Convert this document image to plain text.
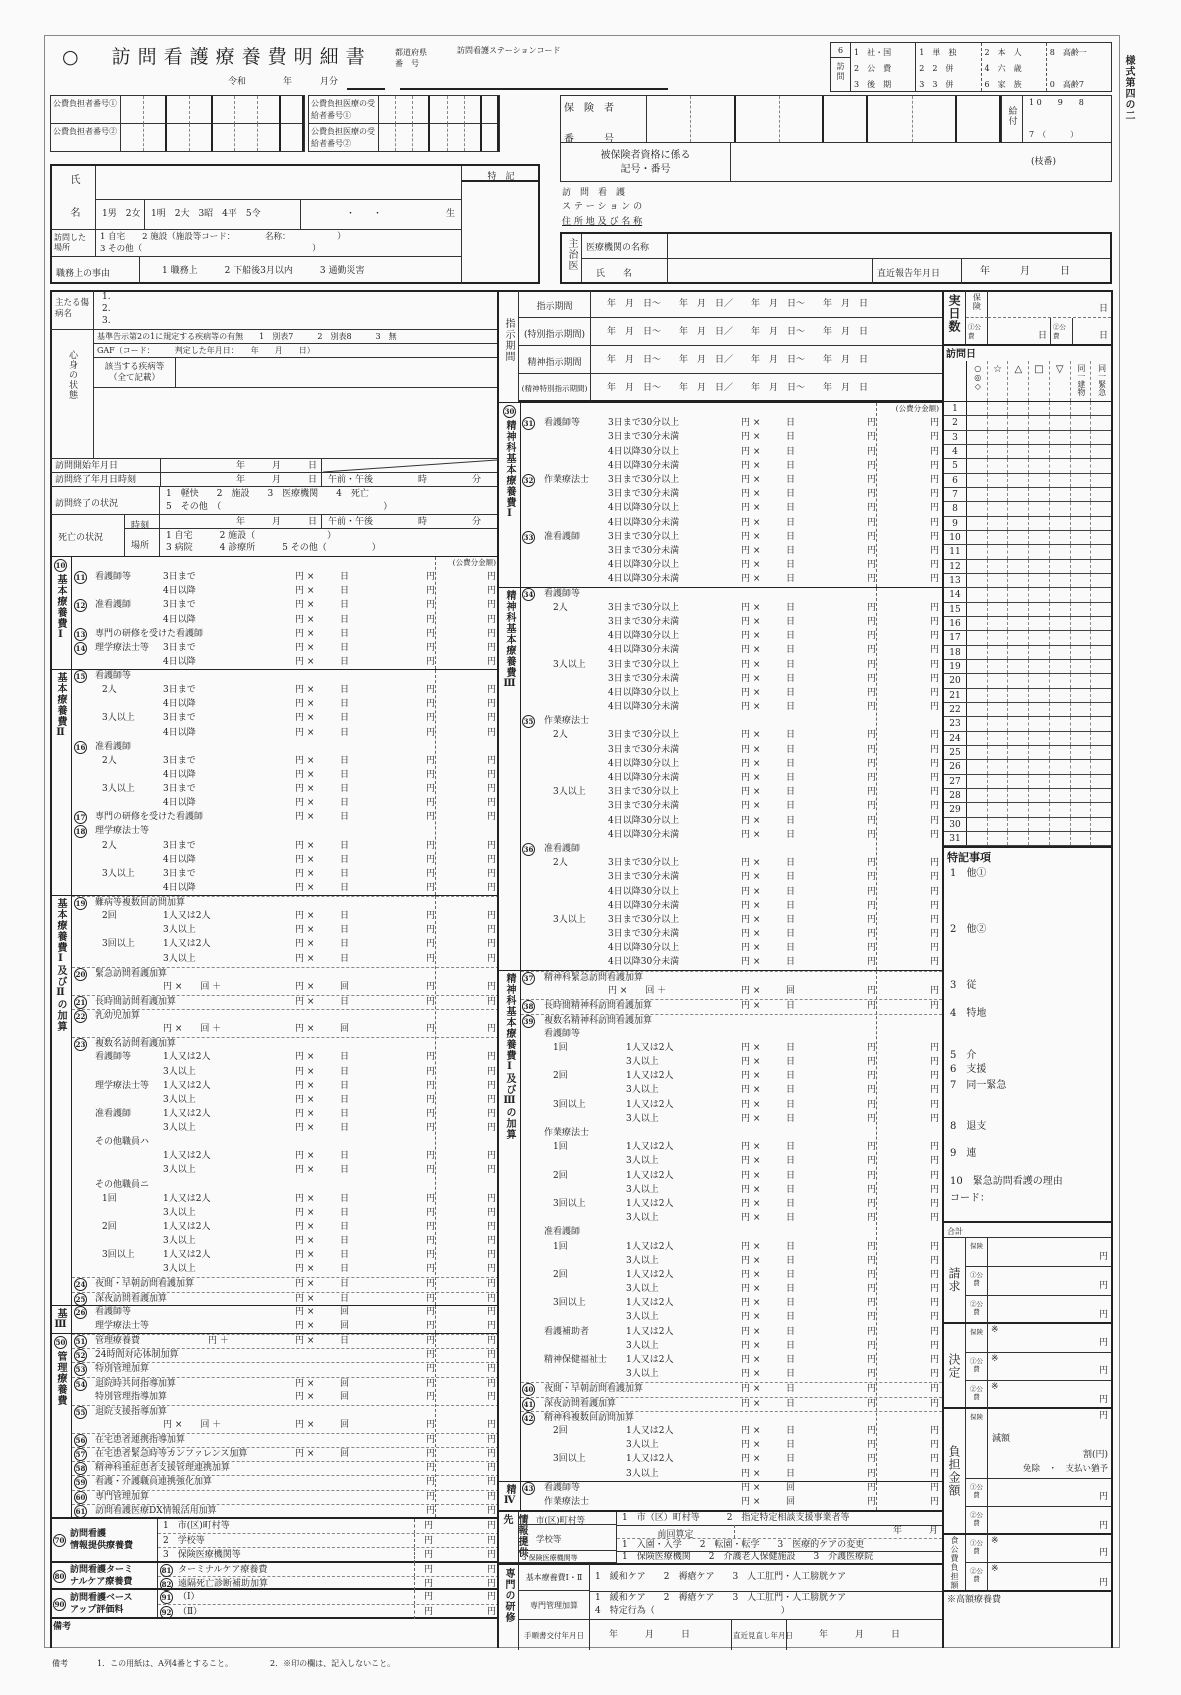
様式第四の二
○　 訪問看護療養費明細書	都道府県
番　号
訪問看護ステーションコード
令和	年	月分
6
訪問
1　社・国
2　公　費
3　後　期
1　単　独
2　2　併
3　3　併
2　本　人
4　六　歳
6　家　族
8　高齢一
0　高齢7
公費負担者番号①
公費負担者番号②
公費負担医療の受給者番号①
公費負担医療の受給者番号②
保　険　者
番　　　号
給付
1 0　　9　　8
7　（　　　）
被保険者資格に係る
記号・番号
(枝番)
訪　問　看　護
ス テ ー シ ョ ン の
住 所 地 及 び 名 称
主治医	医療機関の名称
氏　　名	直近報告年月日	年　　　月　　　日
氏　　名	1男　2女 1明　2大　3昭　4平　5令	・　　・	生
特　記
訪問した場所
1 自宅　　2 施設（施設等コード：　　　　名称：　　　　　　）
3 その他（　　　　　　　　　　　　　　　　　　　　）
職務上の事由	1 職務上　　　2 下船後3月以内　　　3 通勤災害
主たる傷病名
1.
2.
3.
心身の状態
基準告示第2の1に規定する疾病等の有無　　1　別表7　　　2　別表8　　　3　無
GAF（コード：　　　判定した年月日：　　年　　月　　日）
該当する疾病等（全て記載）
訪問開始年月日	年　　　月　　　日
訪問終了年月日時刻	年　　　月　　　日 午前・午後　　　　　時　　　　　分
訪問終了の状況
1　軽快　　2　施設　　3　医療機関　　4　死亡
5　その他　（　　　　　　　　　　　　　　　　　　）
死亡の状況
時刻
場所
年　　　月　　　日 午前・午後　　　　　時　　　　　分
1 自宅　　　2 施設（　　　　　　　　）
3 病院　　　4 診療所　　　5 その他（　　　　　）
10
基本療養費Ⅰ
(公費分金額)
11 看護師等	3日まで	円 ×	日	円	円
4日以降	円 ×	日	円	円
12 准看護師	3日まで	円 ×	日	円	円
4日以降	円 ×	日	円	円
13 専門の研修を受けた看護師	円 ×	日	円	円
14 理学療法士等 3日まで	円 ×	日	円	円
4日以降	円 ×	日	円	円
基本療養費Ⅱ 15 看護師等
2人	3日まで	円 ×	日	円	円
4日以降	円 ×	日	円	円
3人以上	3日まで	円 ×	日	円	円
4日以降	円 ×	日	円	円
16 准看護師
2人	3日まで	円 ×	日	円	円
4日以降	円 ×	日	円	円
3人以上	3日まで	円 ×	日	円	円
4日以降	円 ×	日	円	円
17 専門の研修を受けた看護師	円 ×	日	円	円
18 理学療法士等
2人	3日まで	円 ×	日	円	円
4日以降	円 ×	日	円	円
3人以上	3日まで	円 ×	日	円	円
4日以降	円 ×	日	円	円
基本療養費Ⅰ及びⅡの加算 19 難病等複数回訪問加算
2回	1人又は2人	円 ×	日	円	円
3人以上	円 ×	日	円	円
3回以上	1人又は2人	円 ×	日	円	円
3人以上	円 ×	日	円	円
20 緊急訪問看護加算
円 ×　　回 ＋	円 ×	回	円	円
21 長時間訪問看護加算	円 ×	日	円	円
22 乳幼児加算
円 ×　　回 ＋	円 ×	回	円	円
23 複数名訪問看護加算
看護師等	1人又は2人	円 ×	日	円	円
3人以上	円 ×	日	円	円
理学療法士等 1人又は2人	円 ×	日	円	円
3人以上	円 ×	日	円	円
准看護師	1人又は2人	円 ×	日	円	円
3人以上	円 ×	日	円	円
その他職員ハ
1人又は2人	円 ×	日	円	円
3人以上	円 ×	日	円	円
その他職員ニ
1回	1人又は2人	円 ×	日	円	円
3人以上	円 ×	日	円	円
2回	1人又は2人	円 ×	日	円	円
3人以上	円 ×	日	円	円
3回以上	1人又は2人	円 ×	日	円	円
3人以上	円 ×	日	円	円
24 夜間・早朝訪問看護加算	円 ×	日	円	円
25 深夜訪問看護加算	円 ×	日	円	円
基Ⅲ 26 看護師等	円 ×	回	円	円
理学療法士等	円 ×	回	円	円
50
管理療養費
51 管理療養費	　　　　　円 ＋	円 ×	日	円	円
52 24時間対応体制加算	円	円
53 特別管理加算	円	円
54 退院時共同指導加算	円 ×	回	円	円
特別管理指導加算	円 ×	回	円	円
55 退院支援指導加算
円 ×　　回 ＋	円 ×	回	円	円
56 在宅患者連携指導加算	円	円
57 在宅患者緊急時等カンファレンス加算	円 ×	回	円	円
58 精神科重症患者支援管理連携加算	円	円
59 看護・介護職員連携強化加算	円	円
60 専門管理加算	円	円
61 訪問看護医療DX情報活用加算	円	円
70
訪問看護
情報提供療養費
1　市(区)町村等	円	円
2　学校等	円	円
3　保険医療機関等	円	円
80
訪問看護ターミ
ナルケア療養費
81 ターミナルケア療養費	円	円
82 遠隔死亡診断補助加算	円	円
90
訪問看護ベース
アップ評価料
91 （Ⅰ）	円	円
92 （Ⅱ）	円	円
備考
指示期間
指示期間	年　月　日～　　年　月　日／　　年　月　日～　　年　月　日
(特別指示期間)	年　月　日～　　年　月　日／　　年　月　日～　　年　月　日
精神指示期間	年　月　日～　　年　月　日／　　年　月　日～　　年　月　日
(精神特別指示期間)	年　月　日～　　年　月　日／　　年　月　日～　　年　月　日
30
精神科基本療養費Ⅰ
(公費分金額)
31 看護師等	3日まで30分以上	円 ×	日	円	円
3日まで30分未満	円 ×	日	円	円
4日以降30分以上	円 ×	日	円	円
4日以降30分未満	円 ×	日	円	円
32 作業療法士 3日まで30分以上	円 ×	日	円	円
3日まで30分未満	円 ×	日	円	円
4日以降30分以上	円 ×	日	円	円
4日以降30分未満	円 ×	日	円	円
33 准看護師	3日まで30分以上	円 ×	日	円	円
3日まで30分未満	円 ×	日	円	円
4日以降30分以上	円 ×	日	円	円
4日以降30分未満	円 ×	日	円	円
精神科基本療養費Ⅲ 34 看護師等
2人	3日まで30分以上	円 ×	日	円	円
3日まで30分未満	円 ×	日	円	円
4日以降30分以上	円 ×	日	円	円
4日以降30分未満	円 ×	日	円	円
3人以上 3日まで30分以上	円 ×	日	円	円
3日まで30分未満	円 ×	日	円	円
4日以降30分以上	円 ×	日	円	円
4日以降30分未満	円 ×	日	円	円
35 作業療法士
2人	3日まで30分以上	円 ×	日	円	円
3日まで30分未満	円 ×	日	円	円
4日以降30分以上	円 ×	日	円	円
4日以降30分未満	円 ×	日	円	円
3人以上 3日まで30分以上	円 ×	日	円	円
3日まで30分未満	円 ×	日	円	円
4日以降30分以上	円 ×	日	円	円
4日以降30分未満	円 ×	日	円	円
36 准看護師
2人	3日まで30分以上	円 ×	日	円	円
3日まで30分未満	円 ×	日	円	円
4日以降30分以上	円 ×	日	円	円
4日以降30分未満	円 ×	日	円	円
3人以上 3日まで30分以上	円 ×	日	円	円
3日まで30分未満	円 ×	日	円	円
4日以降30分以上	円 ×	日	円	円
4日以降30分未満	円 ×	日	円	円
精神科基本療養費Ⅰ及びⅢの加算 37 精神科緊急訪問看護加算
円 ×　　回 ＋	円 ×	回	円	円
38 長時間精神科訪問看護加算	円 ×	日	円	円
39 複数名精神科訪問看護加算
看護師等
1回	　　1人又は2人	円 ×	日	円	円
　　3人以上	円 ×	日	円	円
2回	　　1人又は2人	円 ×	日	円	円
　　3人以上	円 ×	日	円	円
3回以上 　　1人又は2人	円 ×	日	円	円
　　3人以上	円 ×	日	円	円
作業療法士
1回	　　1人又は2人	円 ×	日	円	円
　　3人以上	円 ×	日	円	円
2回	　　1人又は2人	円 ×	日	円	円
　　3人以上	円 ×	日	円	円
3回以上 　　1人又は2人	円 ×	日	円	円
　　3人以上	円 ×	日	円	円
准看護師
1回	　　1人又は2人	円 ×	日	円	円
　　3人以上	円 ×	日	円	円
2回	　　1人又は2人	円 ×	日	円	円
　　3人以上	円 ×	日	円	円
3回以上 　　1人又は2人	円 ×	日	円	円
　　3人以上	円 ×	日	円	円
看護補助者 　　1人又は2人	円 ×	日	円	円
　　3人以上	円 ×	日	円	円
精神保健福祉士 　　1人又は2人	円 ×	日	円	円
　　3人以上	円 ×	日	円	円
40 夜間・早朝訪問看護加算	円 ×	日	円	円
41 深夜訪問看護加算	円 ×	日	円	円
42 精神科複数回訪問加算
2回	　　1人又は2人	円 ×	日	円	円
　　3人以上	円 ×	日	円	円
3回以上 　　1人又は2人	円 ×	日	円	円
　　3人以上	円 ×	日	円	円
精Ⅳ 43 看護師等	円 ×	回	円	円
作業療法士	円 ×	回	円	円
情報提供先	1　市(区)町村等
2　学校等
3 保険医療機関等
1　市（区）町村等　　　2　指定特定相談支援事業者等
前回算定	年　　　月
1　入園・入学　　2　転園・転学　　3　医療的ケアの変更
1　保険医療機関　　2　介護老人保健施設　　3　介護医療院
専門の研修	基本療養費Ⅰ・Ⅱ	1　緩和ケア　　2　褥瘡ケア　　3　人工肛門・人工膀胱ケア
専門管理加算
1　緩和ケア　　2　褥瘡ケア　　3　人工肛門・人工膀胱ケア
4　特定行為（　　　　　　　　　　　　　　）
手順書交付年月日	年　　　月　　　日	直近見直し年月日	年　　　月　　　日
実日数 保険	日
①公費	日
②公費	日
訪問日
○◎◇	☆	△	□	▽	同一建物	同一緊急
1
2
3
4
5
6
7
8
9
10
11
12
13
14
15
16
17
18
19
20
21
22
23
24
25
26
27
28
29
30
31
特記事項
1　他①
2　他②
3　従
4　特地
5　介
6　支援
7　同一緊急
8　退支
9　連
10　緊急訪問看護の理由
コード：
合計
請求
保険
円
①公費	円
②公費	円
決定
保険 ※
円
①公費
※
円
②公費
※
円
負担金額
保険	円
減額
割(円)
免除　・　支払い猶予
①公費	円
②公費	円
食公費負担額	①公費
※
円
②公費
※
円
※高額療養費
備考	1．この用紙は、A列4番とすること。	2．※印の欄は、記入しないこと。
